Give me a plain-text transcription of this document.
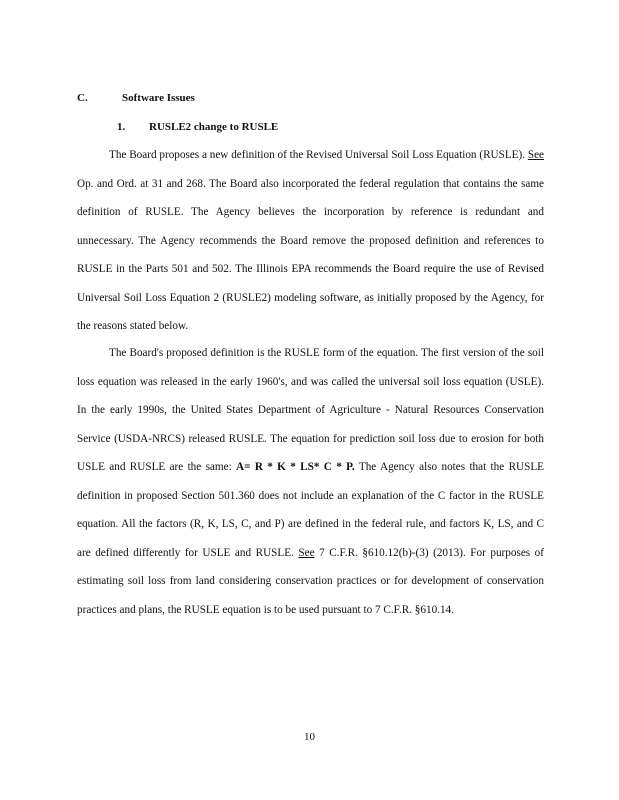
C.	Software Issues
1. RUSLE2 change to RUSLE

The Board proposes a new definition of the Revised Universal Soil Loss Equation (RUSLE). See Op. and Ord. at 31 and 268. The Board also incorporated the federal regulation that contains the same definition of RUSLE. The Agency believes the incorporation by reference is redundant and unnecessary. The Agency recommends the Board remove the proposed definition and references to RUSLE in the Parts 501 and 502. The Illinois EPA recommends the Board require the use of Revised Universal Soil Loss Equation 2 (RUSLE2) modeling software, as initially proposed by the Agency, for the reasons stated below.

The Board's proposed definition is the RUSLE form of the equation. The first version of the soil loss equation was released in the early 1960's, and was called the universal soil loss equation (USLE). In the early 1990s, the United States Department of Agriculture - Natural Resources Conservation Service (USDA-NRCS) released RUSLE. The equation for prediction soil loss due to erosion for both USLE and RUSLE are the same: A= R * K * LS* C * P. The Agency also notes that the RUSLE definition in proposed Section 501.360 does not include an explanation of the C factor in the RUSLE equation. All the factors (R, K, LS, C, and P) are defined in the federal rule, and factors K, LS, and C are defined differently for USLE and RUSLE. See 7 C.F.R. §610.12(b)-(3) (2013). For purposes of estimating soil loss from land considering conservation practices or for development of conservation practices and plans, the RUSLE equation is to be used pursuant to 7 C.F.R. §610.14.

10
